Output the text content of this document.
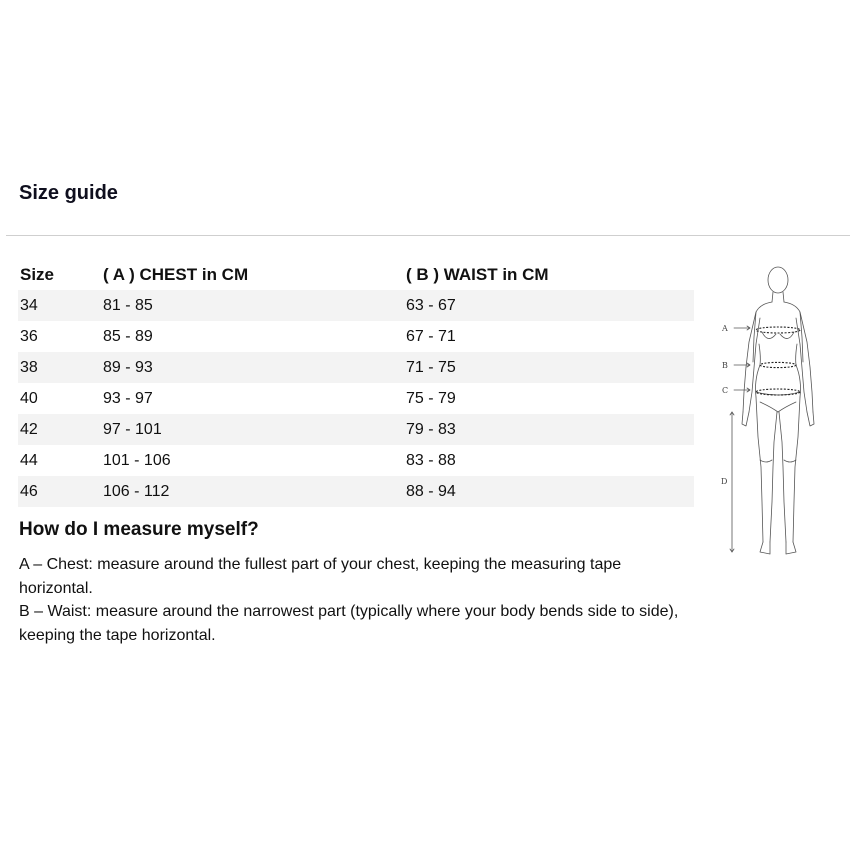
Size guide
Size	( A ) CHEST in CM	( B ) WAIST in CM
34	81 - 85	63 - 67
36	85 - 89	67 - 71
38	89 - 93	71 - 75
40	93 - 97	75 - 79
42	97 - 101	79 - 83
44	101 - 106	83 - 88
46	106 - 112	88 - 94
How do I measure myself?

A – Chest: measure around the fullest part of your chest, keeping the measuring tape horizontal.

B – Waist: measure around the narrowest part (typically where your body bends side to side), keeping the tape horizontal.

A
B
C
D
